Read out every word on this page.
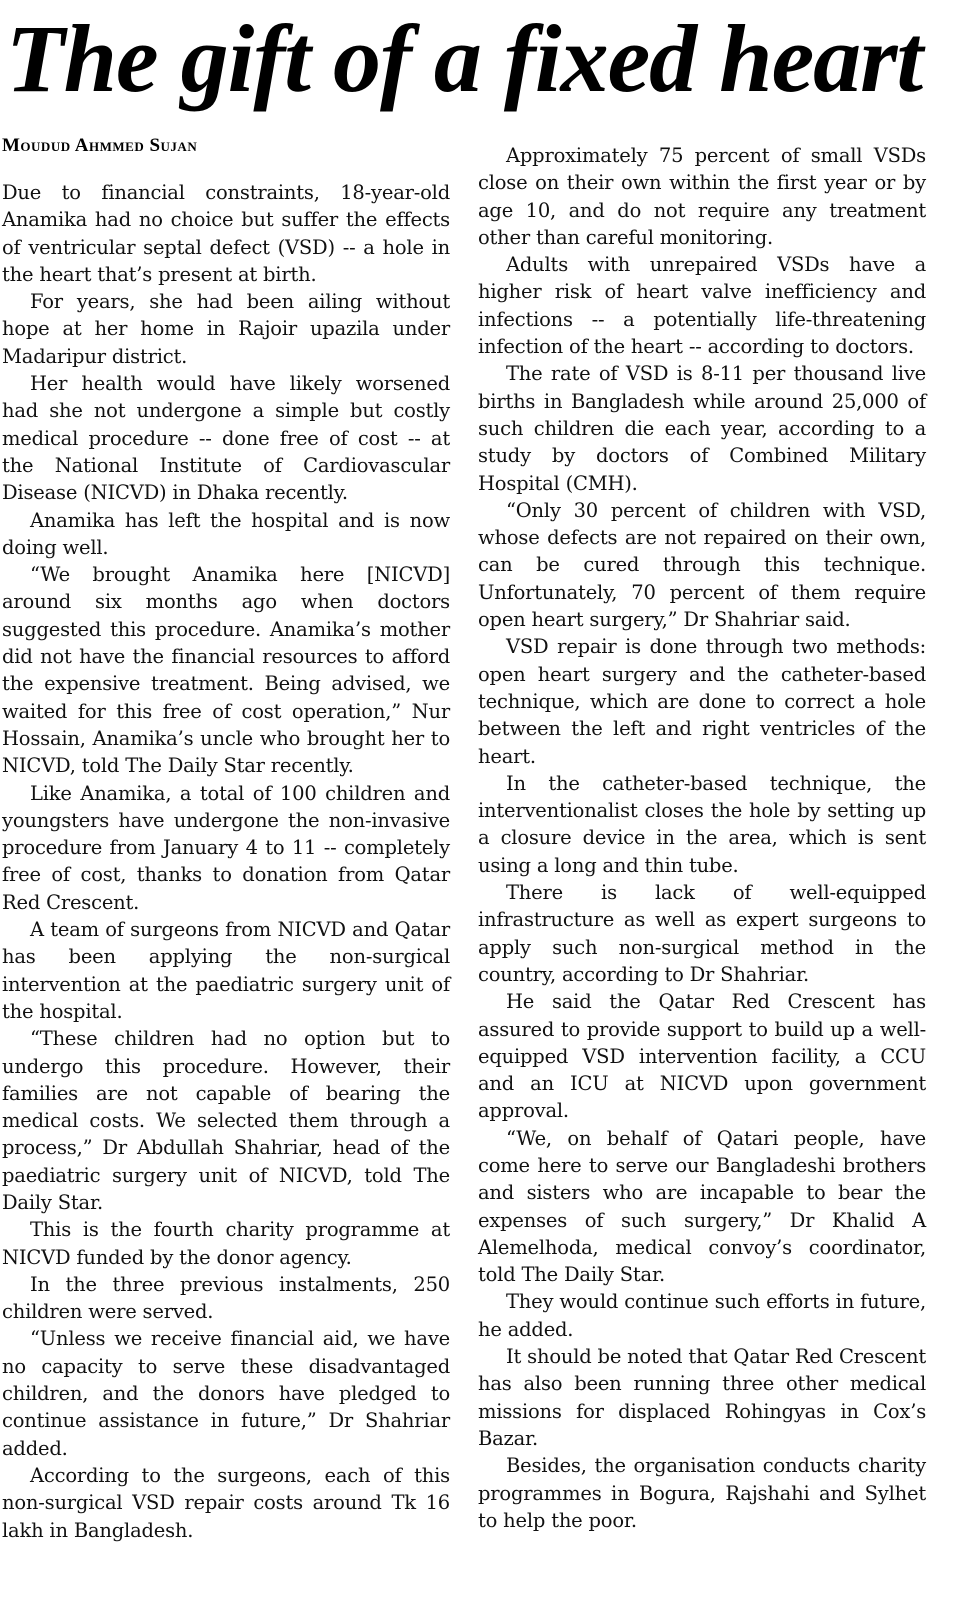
The gift of a fixed heart
Moudud Ahmmed Sujan

Due to financial constraints, 18-year-old Anamika had no choice but suffer the effects of ventricular septal defect (VSD) -- a hole in the heart that’s present at birth.

For years, she had been ailing without hope at her home in Rajoir upazila under Madaripur district.

Her health would have likely worsened had she not undergone a simple but costly medical procedure -- done free of cost -- at the National Institute of Cardiovascular Disease (NICVD) in Dhaka recently.

Anamika has left the hospital and is now doing well.

“We brought Anamika here [NICVD] around six months ago when doctors suggested this procedure. Anamika’s mother did not have the financial resources to afford the expensive treatment. Being advised, we waited for this free of cost operation,” Nur Hossain, Anamika’s uncle who brought her to NICVD, told The Daily Star recently.

Like Anamika, a total of 100 children and youngsters have undergone the non-invasive procedure from January 4 to 11 -- completely free of cost, thanks to donation from Qatar Red Crescent.

A team of surgeons from NICVD and Qatar has been applying the non-surgical intervention at the paediatric surgery unit of the hospital.

“These children had no option but to undergo this procedure. However, their families are not capable of bearing the medical costs. We selected them through a process,” Dr Abdullah Shahriar, head of the paediatric surgery unit of NICVD, told The Daily Star.

This is the fourth charity programme at NICVD funded by the donor agency.

In the three previous instalments, 250 children were served.

“Unless we receive financial aid, we have no capacity to serve these disadvantaged children, and the donors have pledged to continue assistance in future,” Dr Shahriar added.

According to the surgeons, each of this non-surgical VSD repair costs around Tk 16 lakh in Bangladesh.

Approximately 75 percent of small VSDs close on their own within the first year or by age 10, and do not require any treatment other than careful monitoring.

Adults with unrepaired VSDs have a higher risk of heart valve inefficiency and infections -- a potentially life-threatening infection of the heart -- according to doctors.

The rate of VSD is 8-11 per thousand live births in Bangladesh while around 25,000 of such children die each year, according to a study by doctors of Combined Military Hospital (CMH).

“Only 30 percent of children with VSD, whose defects are not repaired on their own, can be cured through this technique. Unfortunately, 70 percent of them require open heart surgery,” Dr Shahriar said.

VSD repair is done through two methods: open heart surgery and the catheter-based technique, which are done to correct a hole between the left and right ventricles of the heart.

In the catheter-based technique, the interventionalist closes the hole by setting up a closure device in the area, which is sent using a long and thin tube.

There is lack of well-equipped infrastructure as well as expert surgeons to apply such non-surgical method in the country, according to Dr Shahriar.

He said the Qatar Red Crescent has assured to provide support to build up a well-equipped VSD intervention facility, a CCU and an ICU at NICVD upon government approval.

“We, on behalf of Qatari people, have come here to serve our Bangladeshi brothers and sisters who are incapable to bear the expenses of such surgery,” Dr Khalid A Alemelhoda, medical convoy’s coordinator, told The Daily Star.

They would continue such efforts in future, he added.

It should be noted that Qatar Red Crescent has also been running three other medical missions for displaced Rohingyas in Cox’s Bazar.

Besides, the organisation conducts charity programmes in Bogura, Rajshahi and Sylhet to help the poor.
